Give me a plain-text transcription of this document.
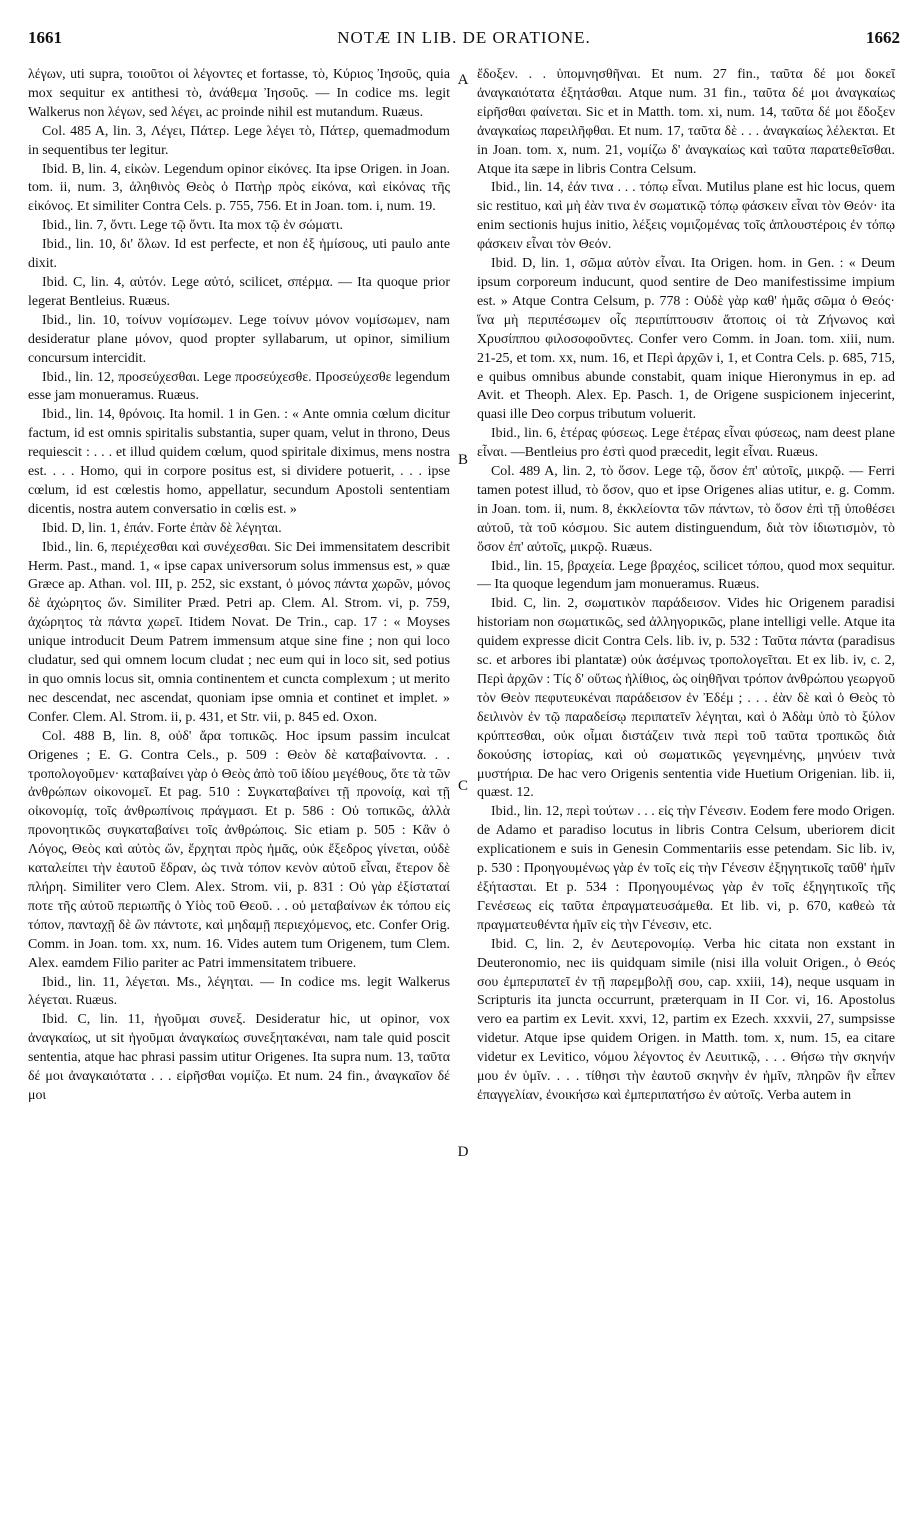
1661	NOTÆ IN LIB. DE ORATIONE.	1662

λέγων, uti supra, τοιοῦτοι οἱ λέγοντες et fortasse, τὸ, Κύριος Ἰησοῦς, quia mox sequitur ex antithesi τὸ, ἀνάθεμα Ἰησοῦς. — In codice ms. legit Walkerus non λέγων, sed λέγει, ac proinde nihil est mutandum. Ruæus.

Col. 485 A, lin. 3, Λέγει, Πάτερ. Lege λέγει τὸ, Πάτερ, quemadmodum in sequentibus ter legitur.

Ibid. B, lin. 4, εἰκὼν. Legendum opinor εἰκόνες. Ita ipse Origen. in Joan. tom. ii, num. 3, ἀληθινὸς Θεὸς ὁ Πατὴρ πρὸς εἰκόνα, καὶ εἰκόνας τῆς εἰκόνος. Et similiter Contra Cels. p. 755, 756. Et in Joan. tom. i, num. 19.

Ibid., lin. 7, ὄντι. Lege τῷ ὄντι. Ita mox τῷ ἐν σώματι.

Ibid., lin. 10, δι' ὅλων. Id est perfecte, et non ἐξ ἡμίσους, uti paulo ante dixit.

Ibid. C, lin. 4, αὐτόν. Lege αὐτό, scilicet, σπέρμα. — Ita quoque prior legerat Bentleius. Ruæus.

Ibid., lin. 10, τοίνυν νομίσωμεν. Lege τοίνυν μόνον νομίσωμεν, nam desideratur plane μόνον, quod propter syllabarum, ut opinor, similium concursum intercidit.

Ibid., lin. 12, προσεύχεσθαι. Lege προσεύχεσθε. Προσεύχεσθε legendum esse jam monueramus. Ruæus.

Ibid., lin. 14, θρόνοις. Ita homil. 1 in Gen. : « Ante omnia cœlum dicitur factum, id est omnis spiritalis substantia, super quam, velut in throno, Deus requiescit : . . . et illud quidem cœlum, quod spiritale diximus, mens nostra est. . . . Homo, qui in corpore positus est, si dividere potuerit, . . . ipse cœlum, id est cœlestis homo, appellatur, secundum Apostoli sententiam dicentis, nostra autem conversatio in cœlis est. »

Ibid. D, lin. 1, ἐπάν. Forte ἐπὰν δὲ λέγηται.

Ibid., lin. 6, περιέχεσθαι καὶ συνέχεσθαι. Sic Dei immensitatem describit Herm. Past., mand. 1, « ipse capax universorum solus immensus est, » quæ Græce ap. Athan. vol. III, p. 252, sic exstant, ὁ μόνος πάντα χωρῶν, μόνος δὲ ἀχώρητος ὤν. Similiter Præd. Petri ap. Clem. Al. Strom. vi, p. 759, ἀχώρητος τὰ πάντα χωρεῖ. Itidem Novat. De Trin., cap. 17 : « Moyses unique introducit Deum Patrem immensum atque sine fine ; non qui loco cludatur, sed qui omnem locum cludat ; nec eum qui in loco sit, sed potius in quo omnis locus sit, omnia continentem et cuncta complexum ; ut merito nec descendat, nec ascendat, quoniam ipse omnia et continet et implet. » Confer. Clem. Al. Strom. ii, p. 431, et Str. vii, p. 845 ed. Oxon.

Col. 488 B, lin. 8, οὐδ' ἄρα τοπικῶς. Hoc ipsum passim inculcat Origenes ; E. G. Contra Cels., p. 509 : Θεὸν δὲ καταβαίνοντα. . . τροπολογοῦμεν· καταβαίνει γὰρ ὁ Θεὸς ἀπὸ τοῦ ἰδίου μεγέθους, ὅτε τὰ τῶν ἀνθρώπων οἰκονομεῖ. Et pag. 510 : Συγκαταβαίνει τῇ προνοίᾳ, καὶ τῇ οἰκονομίᾳ, τοῖς ἀνθρωπίνοις πράγμασι. Et p. 586 : Οὐ τοπικῶς, ἀλλὰ προνοητικῶς συγκαταβαίνει τοῖς ἀνθρώποις. Sic etiam p. 505 : Κἂν ὁ Λόγος, Θεὸς καὶ αὐτὸς ὤν, ἔρχηται πρὸς ἡμᾶς, οὐκ ἔξεδρος γίνεται, οὐδὲ καταλείπει τὴν ἑαυτοῦ ἕδραν, ὡς τινὰ τόπον κενὸν αὐτοῦ εἶναι, ἕτερον δὲ πλήρη. Similiter vero Clem. Alex. Strom. vii, p. 831 : Οὐ γὰρ ἐξίσταταί ποτε τῆς αὐτοῦ περιωπῆς ὁ Υἱὸς τοῦ Θεοῦ. . . οὐ μεταβαίνων ἐκ τόπου εἰς τόπον, πανταχῇ δὲ ὢν πάντοτε, καὶ μηδαμῇ περιεχόμενος, etc. Confer Orig. Comm. in Joan. tom. xx, num. 16. Vides autem tum Origenem, tum Clem. Alex. eamdem Filio pariter ac Patri immensitatem tribuere.

Ibid., lin. 11, λέγεται. Ms., λέγηται. — In codice ms. legit Walkerus λέγεται. Ruæus.

Ibid. C, lin. 11, ἡγοῦμαι συνεξ. Desideratur hic, ut opinor, vox ἀναγκαίως, ut sit ἡγοῦμαι ἀναγκαίως συνεξητακέναι, nam tale quid poscit sententia, atque hac phrasi passim utitur Origenes. Ita supra num. 13, ταῦτα δέ μοι ἀναγκαιότατα . . . εἰρῆσθαι νομίζω. Et num. 24 fin., ἀναγκαῖον δέ μοι

ἔδοξεν. . . ὑπομνησθῆναι. Et num. 27 fin., ταῦτα δέ μοι δοκεῖ ἀναγκαιότατα ἐξητάσθαι. Atque num. 31 fin., ταῦτα δέ μοι ἀναγκαίως εἰρῆσθαι φαίνεται. Sic et in Matth. tom. xi, num. 14, ταῦτα δέ μοι ἔδοξεν ἀναγκαίως παρειλῆφθαι. Et num. 17, ταῦτα δὲ . . . ἀναγκαίως λέλεκται. Et in Joan. tom. x, num. 21, νομίζω δ' ἀναγκαίως καὶ ταῦτα παρατεθεῖσθαι. Atque ita sæpe in libris Contra Celsum.

Ibid., lin. 14, ἐάν τινα . . . τόπῳ εἶναι. Mutilus plane est hic locus, quem sic restituo, καὶ μὴ ἐὰν τινα ἐν σωματικῷ τόπῳ φάσκειν εἶναι τὸν Θεόν· ita enim sectionis hujus initio, λέξεις νομιζομένας τοῖς ἁπλουστέροις ἐν τόπῳ φάσκειν εἶναι τὸν Θεόν.

Ibid. D, lin. 1, σῶμα αὐτὸν εἶναι. Ita Origen. hom. in Gen. : « Deum ipsum corporeum inducunt, quod sentire de Deo manifestissime impium est. » Atque Contra Celsum, p. 778 : Οὐδὲ γὰρ καθ' ἡμᾶς σῶμα ὁ Θεός· ἵνα μὴ περιπέσωμεν οἷς περιπίπτουσιν ἄτοποις οἱ τὰ Ζήνωνος καὶ Χρυσίππου φιλοσοφοῦντες. Confer vero Comm. in Joan. tom. xiii, num. 21-25, et tom. xx, num. 16, et Περὶ ἀρχῶν i, 1, et Contra Cels. p. 685, 715, e quibus omnibus abunde constabit, quam inique Hieronymus in ep. ad Avit. et Theoph. Alex. Ep. Pasch. 1, de Origene suspicionem injecerint, quasi ille Deo corpus tributum voluerit.

Ibid., lin. 6, ἑτέρας φύσεως. Lege ἑτέρας εἶναι φύσεως, nam deest plane εἶναι. —Bentleius pro ἐστὶ quod præcedit, legit εἶναι. Ruæus.

Col. 489 A, lin. 2, τὸ ὅσον. Lege τῷ, ὅσον ἐπ' αὐτοῖς, μικρῷ. — Ferri tamen potest illud, τὸ ὅσον, quo et ipse Origenes alias utitur, e. g. Comm. in Joan. tom. ii, num. 8, ἐκκλείοντα τῶν πάντων, τὸ ὅσον ἐπὶ τῇ ὑποθέσει αὐτοῦ, τὰ τοῦ κόσμου. Sic autem distinguendum, διὰ τὸν ἰδιωτισμὸν, τὸ ὅσον ἐπ' αὐτοῖς, μικρῷ. Ruæus.

Ibid., lin. 15, βραχεία. Lege βραχέος, scilicet τόπου, quod mox sequitur. — Ita quoque legendum jam monueramus. Ruæus.

Ibid. C, lin. 2, σωματικὸν παράδεισον. Vides hic Origenem paradisi historiam non σωματικῶς, sed ἀλληγορικῶς, plane intelligi velle. Atque ita quidem expresse dicit Contra Cels. lib. iv, p. 532 : Ταῦτα πάντα (paradisus sc. et arbores ibi plantatæ) οὐκ ἀσέμνως τροπολογεῖται. Et ex lib. iv, c. 2, Περὶ ἀρχῶν : Τίς δ' οὕτως ἠλίθιος, ὡς οἰηθῆναι τρόπον ἀνθρώπου γεωργοῦ τὸν Θεὸν πεφυτευκέναι παράδεισον ἐν Ἐδέμ ; . . . ἐὰν δὲ καὶ ὁ Θεὸς τὸ δειλινὸν ἐν τῷ παραδείσῳ περιπατεῖν λέγηται, καὶ ὁ Ἀδὰμ ὑπὸ τὸ ξύλον κρύπτεσθαι, οὐκ οἶμαι διστάζειν τινὰ περὶ τοῦ ταῦτα τροπικῶς διὰ δοκούσης ἱστορίας, καὶ οὐ σωματικῶς γεγενημένης, μηνύειν τινὰ μυστήρια. De hac vero Origenis sententia vide Huetium Origenian. lib. ii, quæst. 12.

Ibid., lin. 12, περὶ τούτων . . . εἰς τὴν Γένεσιν. Eodem fere modo Origen. de Adamo et paradiso locutus in libris Contra Celsum, uberiorem dicit explicationem e suis in Genesin Commentariis esse petendam. Sic lib. iv, p. 530 : Προηγουμένως γὰρ ἐν τοῖς εἰς τὴν Γένεσιν ἐξηγητικοῖς ταῦθ' ἡμῖν ἐξήτασται. Et p. 534 : Προηγουμένως γὰρ ἐν τοῖς ἐξηγητικοῖς τῆς Γενέσεως εἰς ταῦτα ἐπραγματευσάμεθα. Et lib. vi, p. 670, καθεὼ τὰ πραγματευθέντα ἡμῖν εἰς τὴν Γένεσιν, etc.

Ibid. C, lin. 2, ἐν Δευτερονομίῳ. Verba hic citata non exstant in Deuteronomio, nec iis quidquam simile (nisi illa voluit Origen., ὁ Θεός σου ἐμπεριπατεῖ ἐν τῇ παρεμβολῇ σου, cap. xxiii, 14), neque usquam in Scripturis ita juncta occurrunt, præterquam in II Cor. vi, 16. Apostolus vero ea partim ex Levit. xxvi, 12, partim ex Ezech. xxxvii, 27, sumpsisse videtur. Atque ipse quidem Origen. in Matth. tom. x, num. 15, ea citare videtur ex Levitico, νόμου λέγοντος ἐν Λευιτικῷ, . . . Θήσω τὴν σκηνήν μου ἐν ὑμῖν. . . . τίθησι τὴν ἑαυτοῦ σκηνὴν ἐν ἡμῖν, πληρῶν ἣν εἶπεν ἐπαγγελίαν, ἐνοικήσω καὶ ἐμπεριπατήσω ἐν αὐτοῖς. Verba autem in

A
B
C
D
